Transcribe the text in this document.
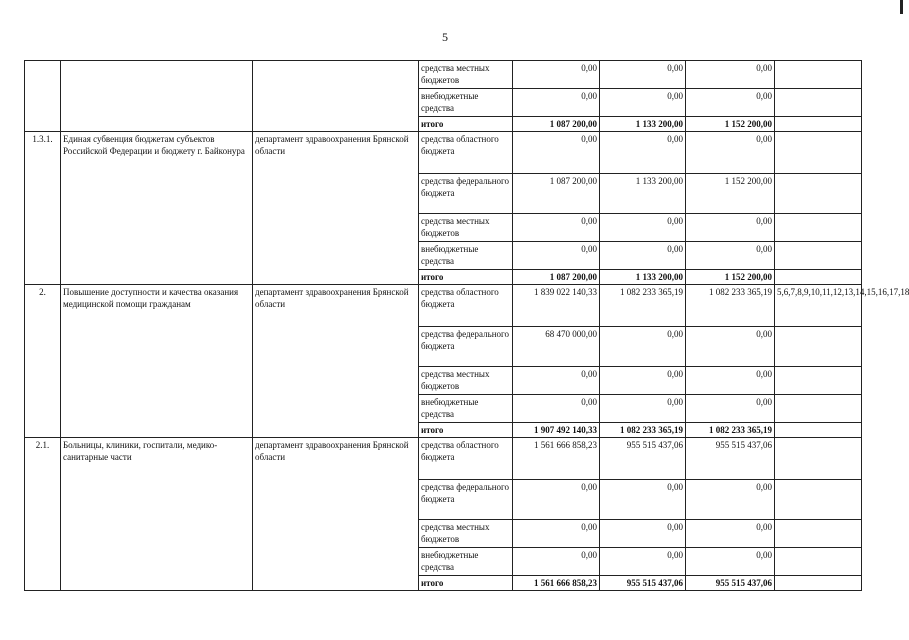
5
			средства местных бюджетов	0,00	0,00	0,00	
			внебюджетные средства	0,00	0,00	0,00	
			итого	1 087 200,00	1 133 200,00	1 152 200,00	
1.3.1.	Единая субвенция бюджетам субъектов Российской Федерации и бюджету г. Байконура	департамент здравоохранения Брянской области	средства областного бюджета	0,00	0,00	0,00	
			средства федерального бюджета	1 087 200,00	1 133 200,00	1 152 200,00	
			средства местных бюджетов	0,00	0,00	0,00	
			внебюджетные средства	0,00	0,00	0,00	
			итого	1 087 200,00	1 133 200,00	1 152 200,00	
2.	Повышение доступности и качества оказания медицинской помощи гражданам	департамент здравоохранения Брянской области	средства областного бюджета	1 839 022 140,33	1 082 233 365,19	1 082 233 365,19	5,6,7,8,9,10,11,12,13,14,15,16,17,18
			средства федерального бюджета	68 470 000,00	0,00	0,00	
			средства местных бюджетов	0,00	0,00	0,00	
			внебюджетные средства	0,00	0,00	0,00	
			итого	1 907 492 140,33	1 082 233 365,19	1 082 233 365,19	
2.1.	Больницы, клиники, госпитали, медико-санитарные части	департамент здравоохранения Брянской области	средства областного бюджета	1 561 666 858,23	955 515 437,06	955 515 437,06	
			средства федерального бюджета	0,00	0,00	0,00	
			средства местных бюджетов	0,00	0,00	0,00	
			внебюджетные средства	0,00	0,00	0,00	
			итого	1 561 666 858,23	955 515 437,06	955 515 437,06	
